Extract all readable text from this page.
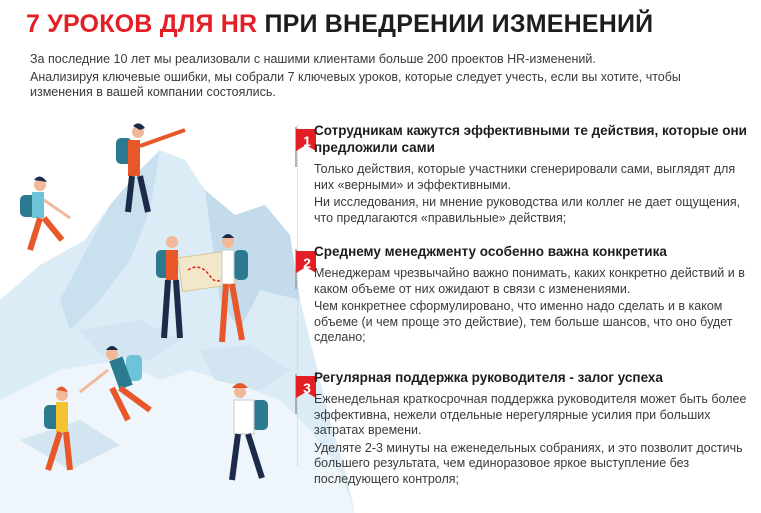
7 УРОКОВ ДЛЯ HR ПРИ ВНЕДРЕНИИ ИЗМЕНЕНИЙ

За последние 10 лет мы реализовали с нашими клиентами больше 200 проектов HR-изменений.

Анализируя ключевые ошибки, мы собрали 7 ключевых уроков, которые следует учесть, если вы хотите, чтобы изменения в вашей компании состоялись.

1
Сотрудникам кажутся эффективными те действия, которые они предложили сами

Только действия, которые участники сгенерировали сами, выглядят для них «верными» и эффективными.

Ни исследования, ни мнение руководства или коллег не дает ощущения, что предлагаются «правильные» действия;

2
Среднему менеджменту особенно важна конкретика

Менеджерам чрезвычайно важно понимать, каких конкретно действий и в каком объеме от них ожидают в связи с изменениями.

Чем конкретнее сформулировано, что именно надо сделать и в каком объеме (и чем проще это действие), тем больше шансов, что оно будет сделано;

3
Регулярная поддержка руководителя - залог успеха

Еженедельная краткосрочная поддержка руководителя может быть более эффективна, нежели отдельные нерегулярные усилия при больших затратах времени.

Уделяте 2-3 минуты на еженедельных собраниях, и это позволит достичь большего результата, чем единоразовое яркое выступление без последующего контроля;
